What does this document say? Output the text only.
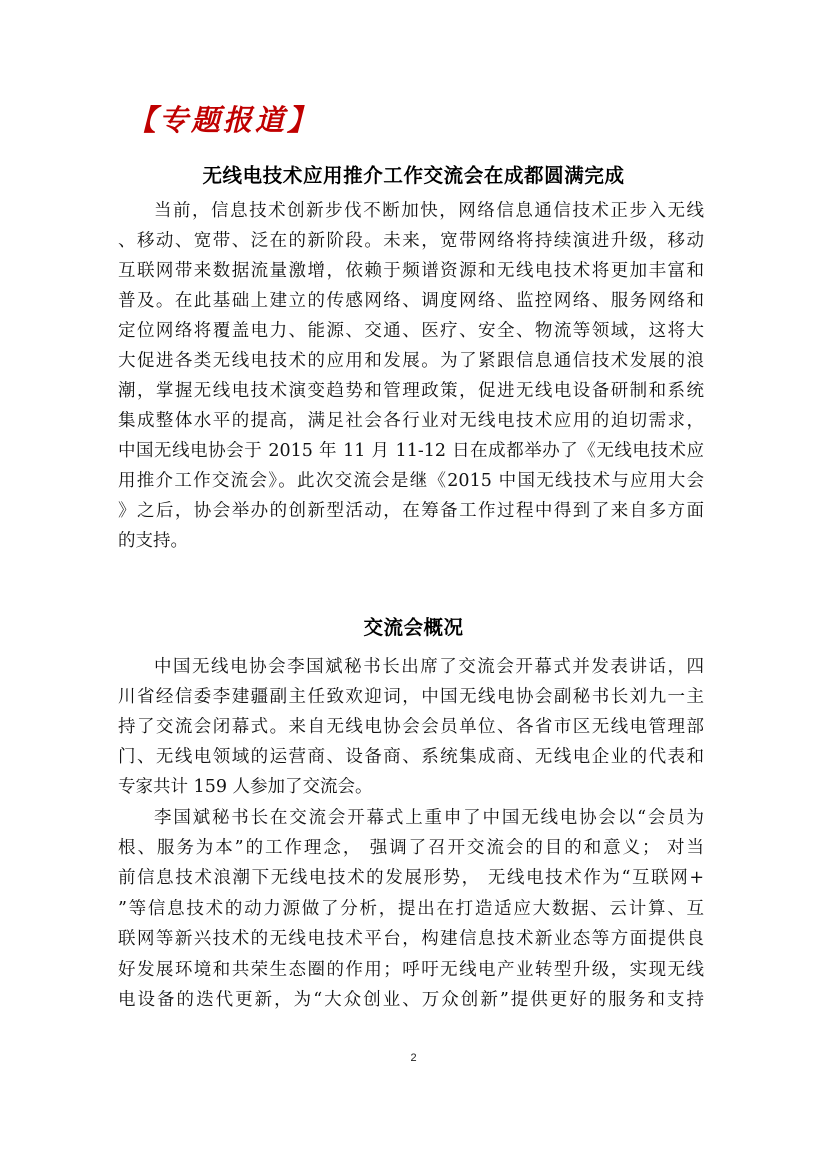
【专题报道】
无线电技术应用推介工作交流会在成都圆满完成
当前，信息技术创新步伐不断加快，网络信息通信技术正步入无线
、移动、宽带、泛在的新阶段。未来，宽带网络将持续演进升级，移动
互联网带来数据流量激增，依赖于频谱资源和无线电技术将更加丰富和
普及。在此基础上建立的传感网络、调度网络、监控网络、服务网络和
定位网络将覆盖电力、能源、交通、医疗、安全、物流等领域，这将大
大促进各类无线电技术的应用和发展。为了紧跟信息通信技术发展的浪
潮，掌握无线电技术演变趋势和管理政策，促进无线电设备研制和系统
集成整体水平的提高，满足社会各行业对无线电技术应用的迫切需求，
中国无线电协会于 2015 年 11 月 11-12 日在成都举办了《无线电技术应
用推介工作交流会》。此次交流会是继《2015 中国无线技术与应用大会
》之后，协会举办的创新型活动，在筹备工作过程中得到了来自多方面
的支持。
交流会概况
中国无线电协会李国斌秘书长出席了交流会开幕式并发表讲话，四
川省经信委李建疆副主任致欢迎词，中国无线电协会副秘书长刘九一主
持了交流会闭幕式。来自无线电协会会员单位、各省市区无线电管理部
门、无线电领域的运营商、设备商、系统集成商、无线电企业的代表和
专家共计 159 人参加了交流会。
李国斌秘书长在交流会开幕式上重申了中国无线电协会以“会员为
根、服务为本”的工作理念， 强调了召开交流会的目的和意义； 对当
前信息技术浪潮下无线电技术的发展形势， 无线电技术作为“互联网+
”等信息技术的动力源做了分析，提出在打造适应大数据、云计算、互
联网等新兴技术的无线电技术平台，构建信息技术新业态等方面提供良
好发展环境和共荣生态圈的作用；呼吁无线电产业转型升级，实现无线
电设备的迭代更新，为“大众创业、万众创新”提供更好的服务和支持
2
